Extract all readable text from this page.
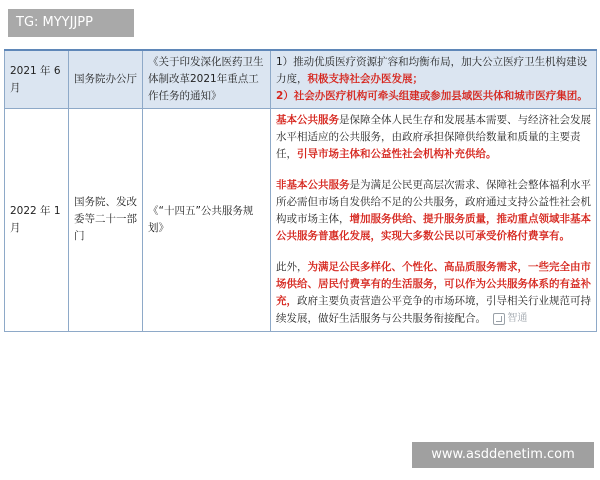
TG: MYYJJPP
2021 年 6 月	国务院办公厅	《关于印发深化医药卫生体制改革2021年重点工作任务的通知》	1）推动优质医疗资源扩容和均衡布局，加大公立医疗卫生机构建设力度，积极支持社会办医发展；

2）社会办医疗机构可牵头组建或参加县域医共体和城市医疗集团。

2022 年 1 月	国务院、发改委等二十一部门	《“十四五”公共服务规划》	基本公共服务是保障全体人民生存和发展基本需要、与经济社会发展水平相适应的公共服务，由政府承担保障供给数量和质量的主要责任，引导市场主体和公益性社会机构补充供给。

非基本公共服务是为满足公民更高层次需求、保障社会整体福利水平所必需但市场自发供给不足的公共服务，政府通过支持公益性社会机构或市场主体，增加服务供给、提升服务质量，推动重点领域非基本公共服务普惠化发展，实现大多数公民以可承受价格付费享有。

此外，为满足公民多样化、个性化、高品质服务需求，一些完全由市场供给、居民付费享有的生活服务，可以作为公共服务体系的有益补充，政府主要负责营造公平竞争的市场环境，引导相关行业规范可持续发展，做好生活服务与公共服务衔接配合。 智通

www.asddenetim.com
